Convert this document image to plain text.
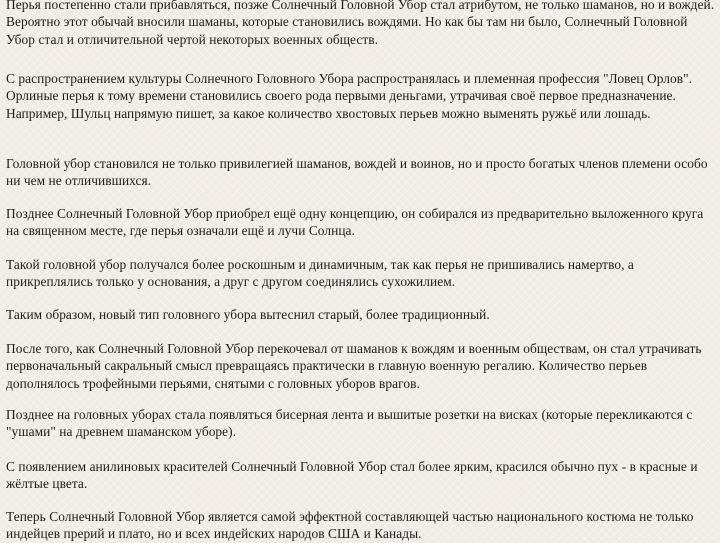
Перья постепенно стали прибавляться, позже Солнечный Головной Убор стал атрибутом, не только шаманов, но и вождей. Вероятно этот обычай вносили шаманы, которые становились вождями. Но как бы там ни было, Солнечный Головной Убор стал и отличительной чертой некоторых военных обществ.

С распространением культуры Солнечного Головного Убора распространялась и племенная профессия "Ловец Орлов". Орлиные перья к тому времени становились своего рода первыми деньгами, утрачивая своё первое предназначение. Например, Шульц напрямую пишет, за какое количество хвостовых перьев можно выменять ружьё или лошадь.

Головной убор становился не только привилегией шаманов, вождей и воинов, но и просто богатых членов племени особо ни чем не отличившихся.

Позднее Солнечный Головной Убор приобрел ещё одну концепцию, он собирался из предварительно выложенного круга на священном месте, где перья означали ещё и лучи Солнца.

Такой головной убор получался более роскошным и динамичным, так как перья не пришивались намертво, а прикреплялись только у основания, а друг с другом соединялись сухожилием.

Таким образом, новый тип головного убора вытеснил старый, более традиционный.

После того, как Солнечный Головной Убор перекочевал от шаманов к вождям и военным обществам, он стал утрачивать первоначальный сакральный смысл превращаясь практически в главную военную регалию. Количество перьев дополнялось трофейными перьями, снятыми с головных уборов врагов.

Позднее на головных уборах стала появляться бисерная лента и вышитые розетки на висках (которые перекликаются с "ушами" на древнем шаманском уборе).

С появлением анилиновых красителей Солнечный Головной Убор стал более ярким, красился обычно пух - в красные и жёлтые цвета.

Теперь Солнечный Головной Убор является самой эффектной составляющей частью национального костюма не только индейцев прерий и плато, но и всех индейских народов США и Канады.
